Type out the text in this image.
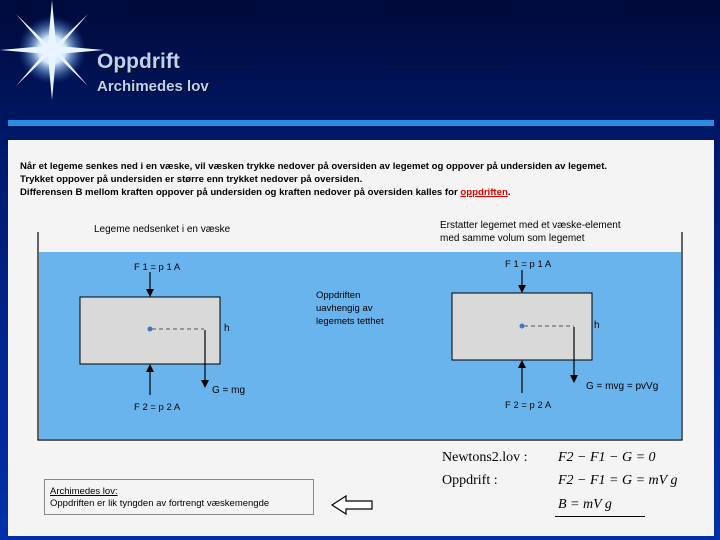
Oppdrift
Archimedes lov
Når et legeme senkes ned i en væske, vil væsken trykke nedover på oversiden av legemet og oppover på undersiden av legemet.
Trykket oppover på undersiden er større enn trykket nedover på oversiden.
Differensen B mellom kraften oppover på undersiden og kraften nedover på oversiden kalles for oppdriften.
Legeme nedsenket i en væske	Erstatter legemet med et væske-element
med samme volum som legemet
F 1 = p 1 A
h
G = mg
F 2 = p 2 A
F 1 = p 1 A
h
G = mvg = pvVg
F 2 = p 2 A
Oppdriften
uavhengig av
legemets tetthet
Newtons2.lov : F2 − F1 − G = 0
Oppdrift :	F2 − F1 = G = mV g
B = mV g
Archimedes lov:
Oppdriften er lik tyngden av fortrengt væskemengde
